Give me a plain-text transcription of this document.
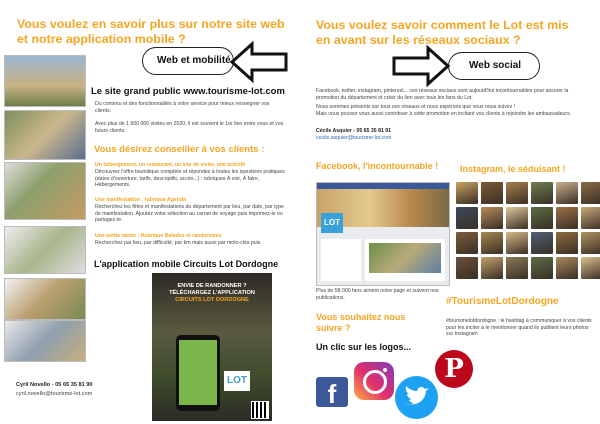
Vous voulez en savoir plus sur notre site web et notre application mobile ?
Web et mobilité
Le site grand public www.tourisme-lot.com
Du contenu et des fonctionnalités à votre service pour mieux renseigner vos clients.
Avec plus de 1 500 000 visites en 2020, il est souvent le 1er lien entre vous et vos futurs clients.
Vous désirez conseiller à vos clients :
Un hébergement, un restaurant, un site de visite, une activité
Découvrez l'offre touristique complète et répondez à toutes les questions pratiques (dates d'ouverture, tarifs, descriptifs, accès...) : rubriques À voir, À faire, Hébergements.
Une manifestation : rubrique Agenda
Recherchez les fêtes et manifestations du département par lieu, par date, par type de manifestation. Ajoutez votre sélection au carnet de voyage puis imprimez-le ou partagez-le.
Une petite rando : Rubrique Balades et randonnées
Recherchez par lieu, par difficulté, par km mais aussi par moto-clés puis
L'application mobile Circuits Lot Dordogne
ENVIE DE RANDONNER ?
TÉLÉCHARGEZ L'APPLICATION
CIRCUITS LOT DORDOGNE
LOT
Cyril Novello - 05 65 35 81 90
cyril.novello@tourisme-lot.com
Vous voulez savoir comment le Lot est mis en avant sur les réseaux sociaux ?
Web social
Facebook, twitter, instagram, pinterest... ces réseaux sociaux sont aujourd'hui incontournables pour assurer la promotion du département et créer du lien avec tous les fans du Lot.
Nous sommes présents sur tous ces réseaux et nous espérons que vous nous suivez !
Mais vous pouvez vous aussi contribuer à cette promotion en incitant vos clients à rejoindre les ambassadeurs.
Cécile Asquier - 05 65 35 81 91
cecile.asquier@tourisme-lot.com
Facebook, l'incontournable ! Instagram, le séduisant !
LOT
Plus de 58 000 fans aiment notre page et suivent nos publications.	#TourismeLotDordogne
#tourismelotdordogne : le hashtag à communiquer à vos clients pour les inciter à le mentionner quand ils publient leurs photos sur Instagram
Vous souhaitez nous suivre ?
Un clic sur les logos...
f
P
